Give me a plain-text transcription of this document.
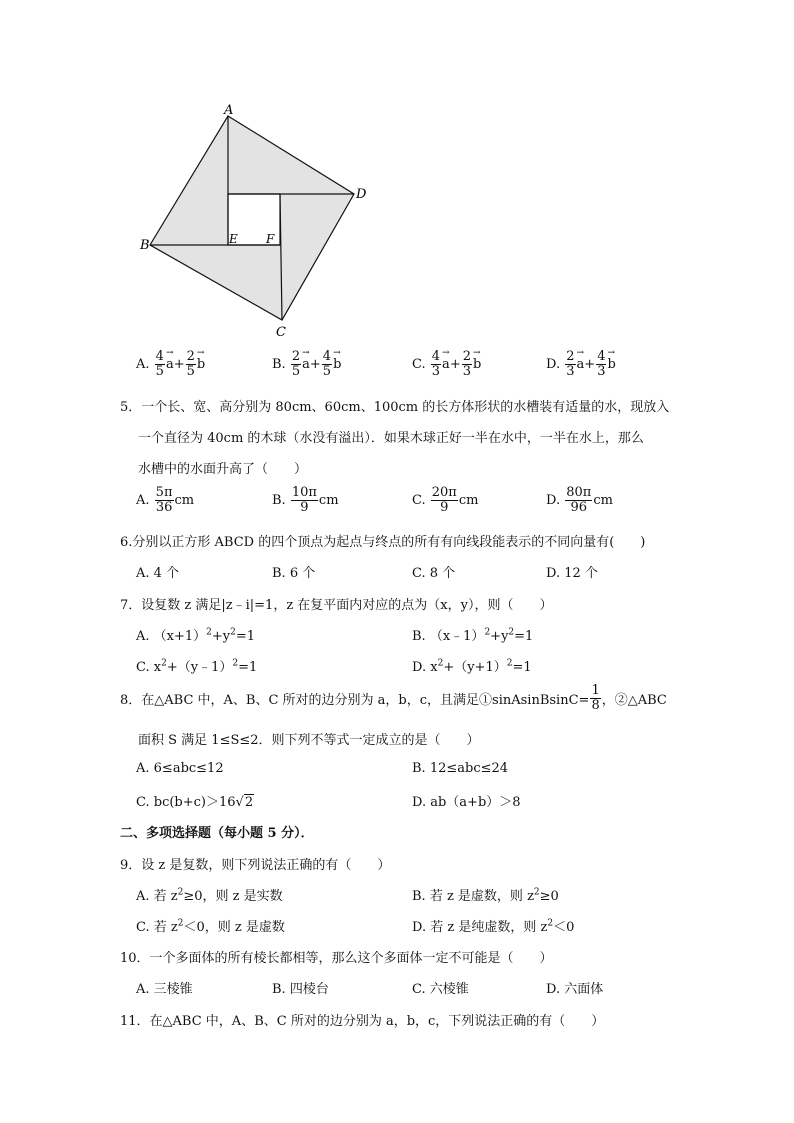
A
D
B
C
E F
A.
$\frac{4}{5}$
→ $a + \frac{2}{5}$
→ b	B.
$\frac{2}{5}$
→ $a + \frac{4}{5}$
→ b	C.
$\frac{4}{3}$
→ $a + \frac{2}{3}$
→ b	D.
$\frac{2}{3}$
→ $a + \frac{4}{3}$
→ b
5．一个长、宽、高分别为 80cm、60cm、100cm 的长方体形状的水槽装有适量的水，现放入
一个直径为 40cm 的木球（水没有溢出）．如果木球正好一半在水中，一半在水上，那么
水槽中的水面升高了（　　）
A.
$\frac{5\pi}{36}$ cm	B.
$\frac{10\pi}{9}$ cm	C.
$\frac{20\pi}{9}$ cm	D.
$\frac{80\pi}{96}$ cm
6.分别以正方形 ABCD 的四个顶点为起点与终点的所有有向线段能表示的不同向量有(　　)
A. 4 个	B. 6 个	C. 8 个	D. 12 个
7．设复数 z 满足|z﹣i|=1，z 在复平面内对应的点为（x，y），则（　　）
A. $(x+1)^2+y^2=1$	B. $(x﹣1)^2+y^2=1$
C. $x^2+(y﹣1)^2=1$	D. $x^2+(y+1)^2=1$
8．在△ABC 中，A、B、C 所对的边分别为 a，b，c，且满足①sinAsinBsinC= $\frac{1}{8}$ ，②△ABC
面积 S 满足 1≤S≤2．则下列不等式一定成立的是（　　）
A. 6≤abc≤12	B. 12≤abc≤24
C. bc(b+c)＞16√2	D. ab（a+b）＞8
二、多项选择题（每小题 5 分）．
9．设 z 是复数，则下列说法正确的有（　　）
A. 若 $z^2\ge 0$，则 z 是实数	B. 若 z 是虚数，则 $z^2\ge 0$
C. 若 $z^2<0$，则 z 是虚数	D. 若 z 是纯虚数，则 $z^2<0$
10．一个多面体的所有棱长都相等，那么这个多面体一定不可能是（　　）
A. 三棱锥	B. 四棱台	C. 六棱锥	D. 六面体
11．在△ABC 中，A、B、C 所对的边分别为 a，b，c，下列说法正确的有（　　）
